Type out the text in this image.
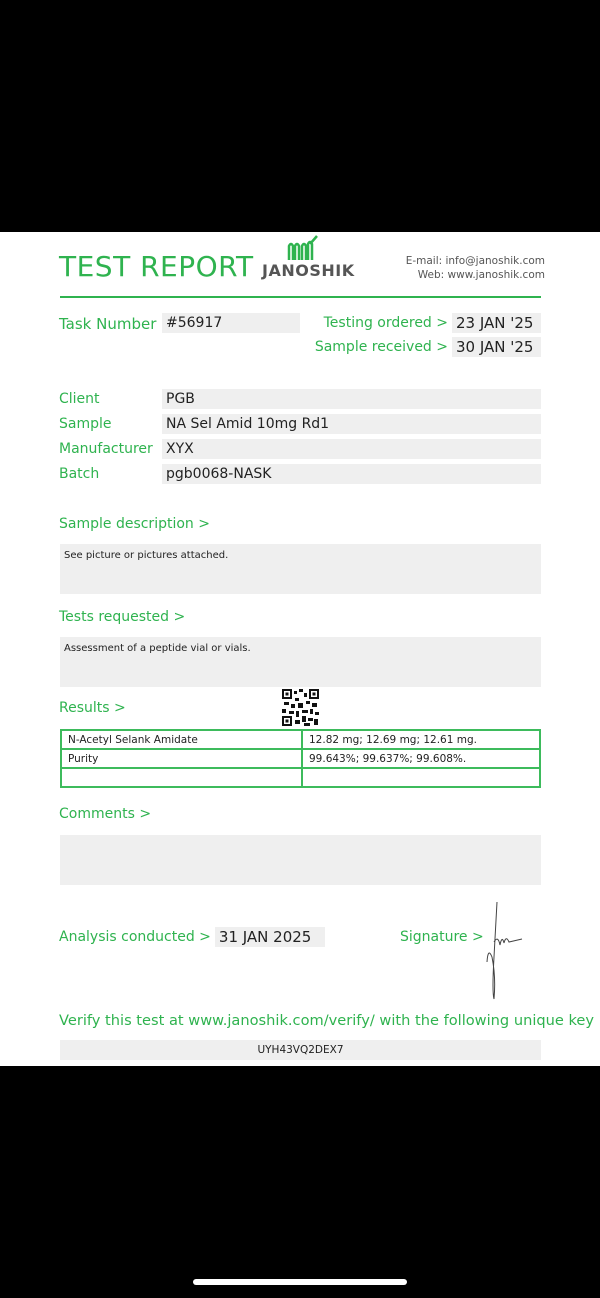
TEST REPORT JANOSHIK	E-mail: info@janoshik.com
Web: www.janoshik.com
Task Number #56917	Testing ordered > 23 JAN '25
Sample received > 30 JAN '25
Client	PGB
Sample	NA Sel Amid 10mg Rd1
Manufacturer XYX
Batch	pgb0068-NASK
Sample description >
See picture or pictures attached.
Tests requested >
Assessment of a peptide vial or vials.
Results >
N-Acetyl Selank Amidate	12.82 mg; 12.69 mg; 12.61 mg.
Purity	99.643%; 99.637%; 99.608%.

Comments >
Analysis conducted > 31 JAN 2025	Signature >
Verify this test at www.janoshik.com/verify/ with the following unique key
UYH43VQ2DEX7
